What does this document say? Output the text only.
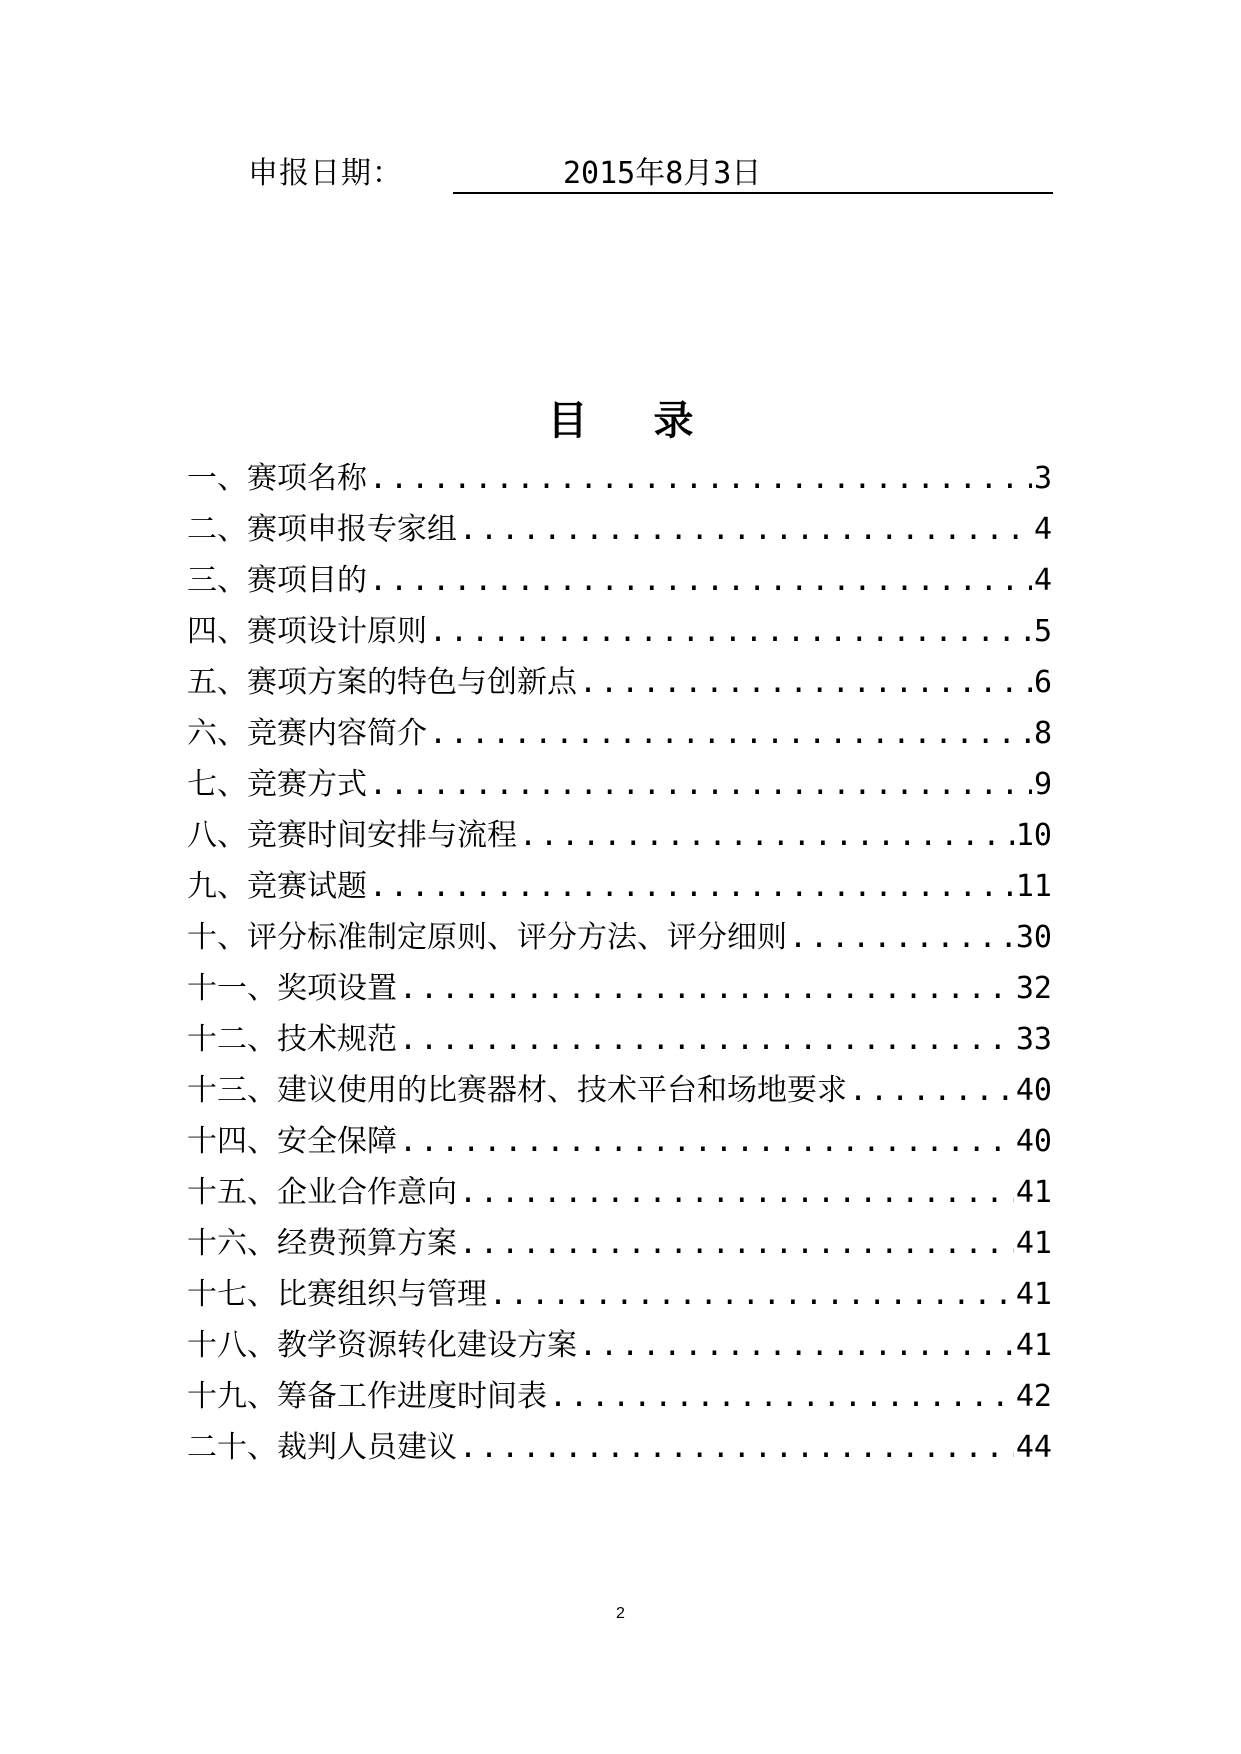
申报日期：	2015年8月3日
目 录
一、赛项名称 .....	3
二、赛项申报专家组 .....	4
三、赛项目的 .....	4
四、赛项设计原则 .....	5
五、赛项方案的特色与创新点 .....	6
六、竞赛内容简介 .....	8
七、竞赛方式 .....	9
八、竞赛时间安排与流程 .....	10
九、竞赛试题 .....	11
十、评分标准制定原则、评分方法、评分细则 .....	30
十一、奖项设置 .....	32
十二、技术规范 .....	33
十三、建议使用的比赛器材、技术平台和场地要求 .....	40
十四、安全保障 .....	40
十五、企业合作意向 .....	41
十六、经费预算方案 .....	41
十七、比赛组织与管理 .....	41
十八、教学资源转化建设方案 .....	41
十九、筹备工作进度时间表 .....	42
二十、裁判人员建议 .....	44
2
